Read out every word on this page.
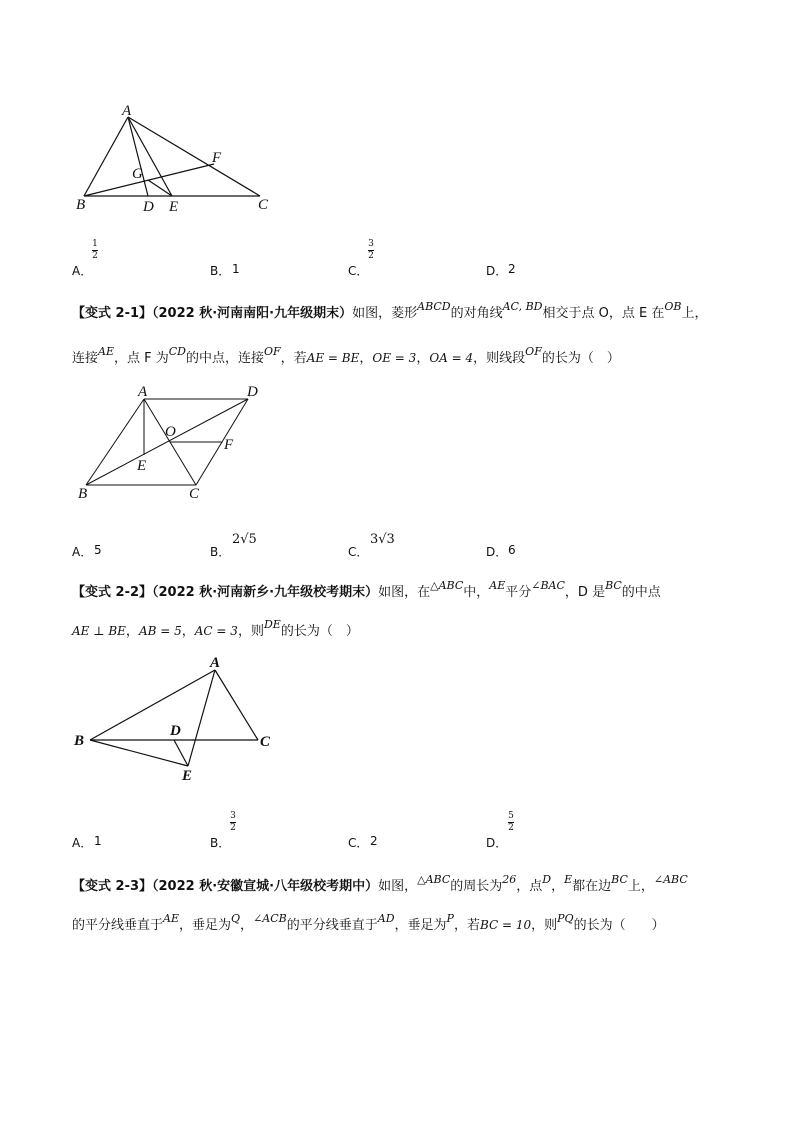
A
F
G
B	D E	C
A．
1
2
B． 1	C．
3
2
D． 2
【变式 2-1】（2022 秋·河南南阳·九年级期末）如图，菱形$^{ABCD}$的对角线$^{AC, BD}$相交于点 O，点 E 在$^{OB}$上，
连接$^{AE}$，点 F 为$^{CD}$的中点，连接$^{OF}$，若AE = BE，OE = 3，OA = 4，则线段$^{OF}$的长为（　）
A	D
O
F
E
B	C
A． 5	B．
2√5
C．
3√3
D． 6
【变式 2-2】（2022 秋·河南新乡·九年级校考期末）如图，在$^{\triangle ABC}$中，$^{AE}$平分$^{\angle BAC}$，D 是$^{BC}$的中点
AE ⊥ BE，AB = 5，AC = 3，则$^{DE}$的长为（　）
A
B
D
C
E
A． 1	B．
3
2
C． 2	D．
5
2
【变式 2-3】（2022 秋·安徽宣城·八年级校考期中）如图，$^{\triangle ABC}$的周长为$^{26}$，点$^D$，$^E$都在边$^{BC}$上，$^{\angle ABC}$
的平分线垂直于$^{AE}$，垂足为$^Q$，$^{\angle ACB}$的平分线垂直于$^{AD}$，垂足为$^P$，若BC = 10，则$^{PQ}$的长为（　　）
